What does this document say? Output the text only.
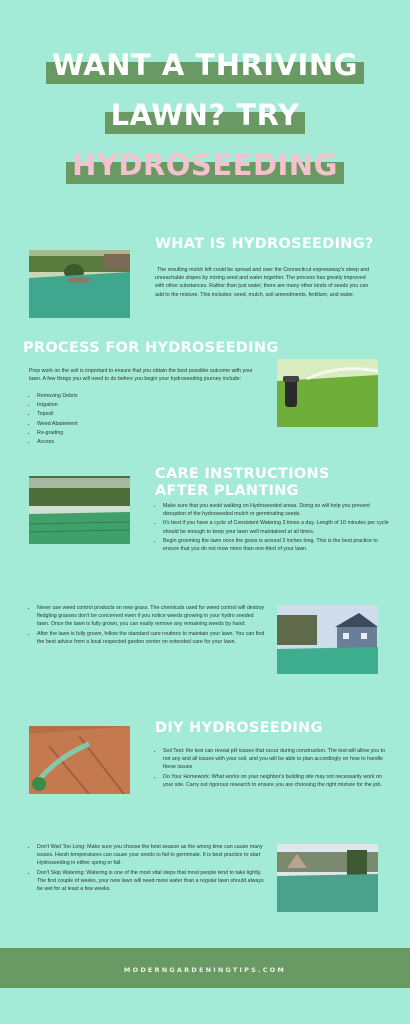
WANT A THRIVING
LAWN? TRY
HYDROSEEDING
WHAT IS HYDROSEEDING?
The resulting mulch left could be spread and over the Connecticut expressway's steep and unreachable slopes by mixing seed and water together. The process has greatly improved with other substances. Rather than just water, there are many other kinds of seeds you can add to the mixture. This includes: seed, mulch, soil amendments, fertilizer, and water.
PROCESS FOR HYDROSEEDING
Prep work on the soil is important to ensure that you obtain the best possible outcome with your lawn. A few things you will need to do before you begin your hydroseeding journey include:
• Removing Debris
• Irrigation
• Topsoil
• Weed Abatement
• Re-grading
• Access
CARE INSTRUCTIONS AFTER PLANTING
• Make sure that you avoid walking on Hydroseeded areas. Doing so will help you prevent disruption of the hydroseeded mulch or germinating seeds.
• It's best if you have a cycle of Consistent Watering 3 times a day. Length of 10 minutes per cycle should be enough to keep your lawn well maintained at all times.
• Begin grooming the lawn once the grass is around 3 inches long. This is the best practice to ensure that you do not mow more than one-third of your lawn.
• Never use weed control products on new grass. The chemicals used for weed control will destroy fledgling grasses don't be concerned even if you notice weeds growing in your hydro seeded lawn. Once the lawn is fully grown, you can easily remove any remaining weeds by hand.
• After the lawn is fully grown, follow the standard care routines to maintain your lawn. You can find the best advice from a local respected garden center on extended care for your lawn.
DIY HYDROSEEDING
• Soil Test: the test can reveal pH issues that occur during construction. The test will allow you to not any and all issues with your soil, and you will be able to plan accordingly on how to handle these issues
• Do Your Homework: What works on your neighbor's building site may not necessarily work on your site. Carry out rigorous research to ensure you are choosing the right mixture for the job.
• Don't Wait Too Long: Make sure you choose the best season as the wrong time can cause many issues. Harsh temperatures can cause your seeds to fail to germinate. It is best practice to start Hydroseeding in either spring or fall.
• Don't Skip Watering: Watering is one of the most vital steps that most people tend to take lightly. The first couple of weeks, your new lawn will need more water than a regular lawn should always be wet for at least a few weeks.
MODERNGARDENINGTIPS.COM
